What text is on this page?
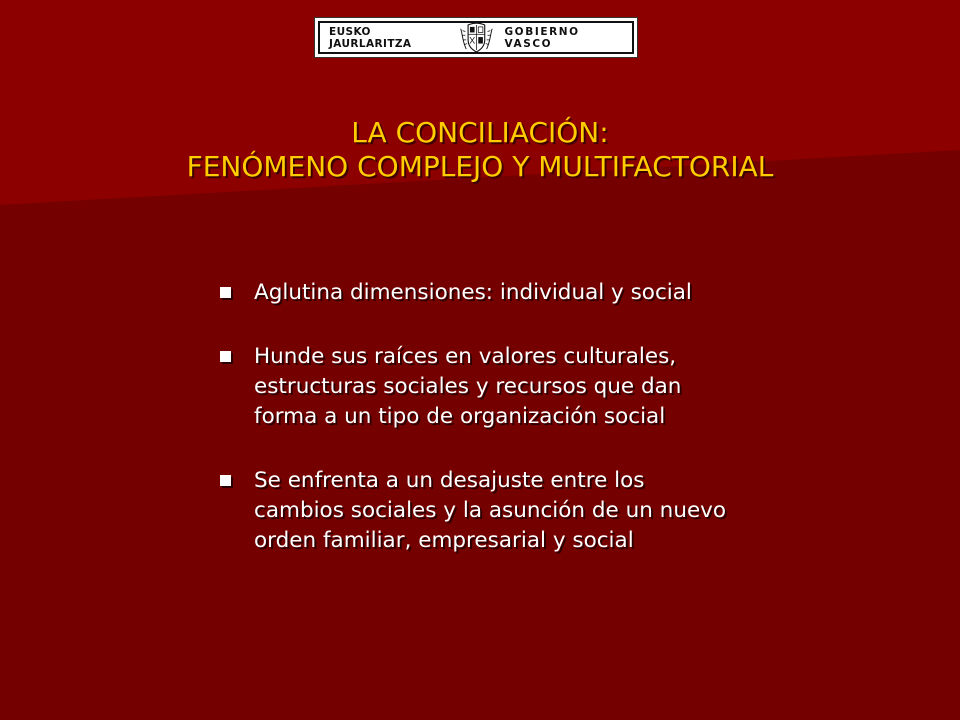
EUSKO JAURLARITZA
GOBIERNO VASCO
LA CONCILIACIÓN:
FENÓMENO COMPLEJO Y MULTIFACTORIAL
Aglutina dimensiones: individual y social
Hunde sus raíces en valores culturales,
estructuras sociales y recursos que dan
forma a un tipo de organización social
Se enfrenta a un desajuste entre los
cambios sociales y la asunción de un nuevo
orden familiar, empresarial y social
